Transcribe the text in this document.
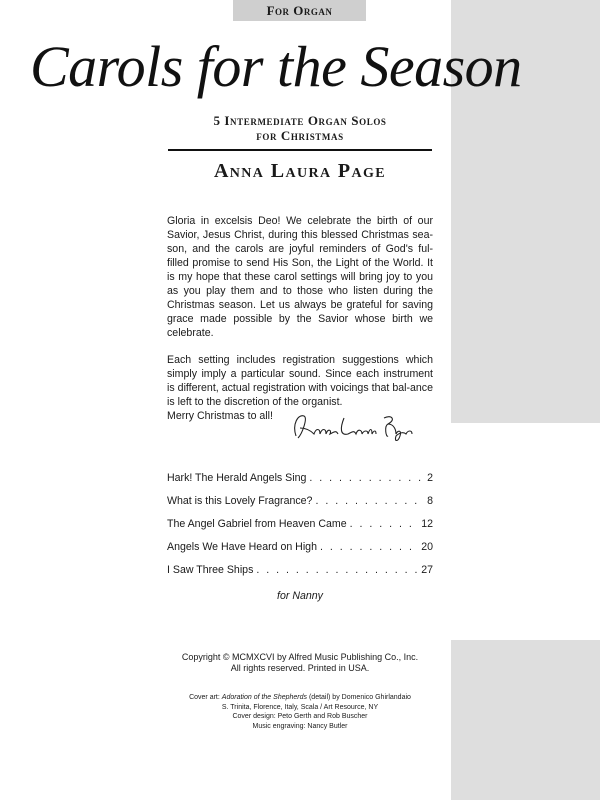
For Organ
Carols for the Season
5 Intermediate Organ Solos
for Christmas
Anna Laura Page

Gloria in excelsis Deo! We celebrate the birth of our Savior, Jesus Christ, during this blessed Christmas sea-son, and the carols are joyful reminders of God's ful-filled promise to send His Son, the Light of the World. It is my hope that these carol settings will bring joy to you as you play them and to those who listen during the Christmas season. Let us always be grateful for saving grace made possible by the Savior whose birth we celebrate.

Each setting includes registration suggestions which simply imply a particular sound. Since each instrument is different, actual registration with voicings that bal-ance is left to the discretion of the organist.

Merry Christmas to all!
Hark! The Herald Angels Sing . . .	2
What is this Lovely Fragrance? . . .	8
The Angel Gabriel from Heaven Came . . .	12
Angels We Have Heard on High . . .	20
I Saw Three Ships . . .	27
for Nanny
Copyright © MCMXCVI by Alfred Music Publishing Co., Inc.
All rights reserved. Printed in USA.
Cover art: Adoration of the Shepherds (detail) by Domenico Ghirlandaio
S. Trinita, Florence, Italy, Scala / Art Resource, NY
Cover design: Peto Gerth and Rob Buscher
Music engraving: Nancy Butler
